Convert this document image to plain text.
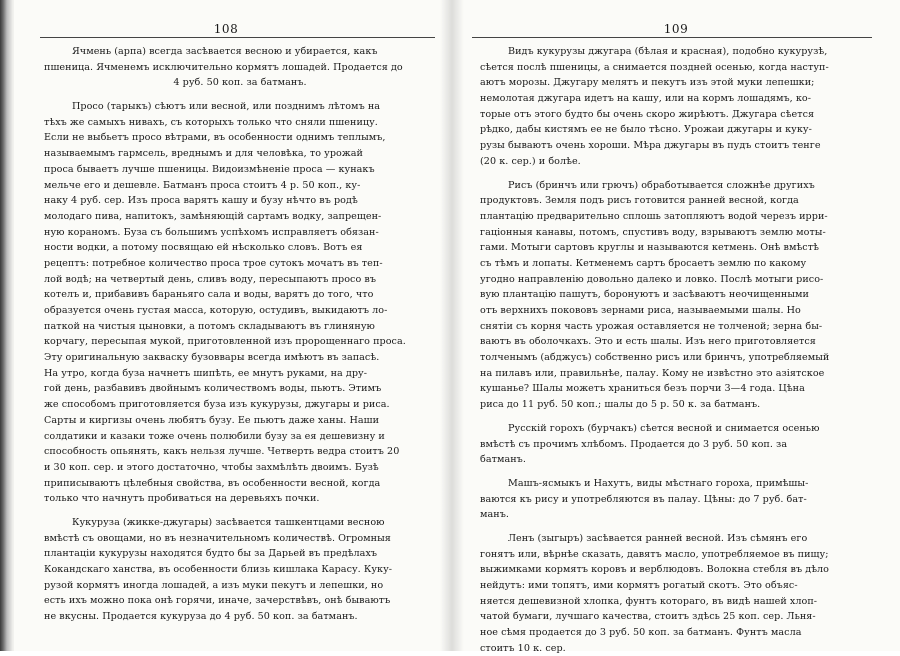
108
Ячмень (арпа) всегда засѣвается весною и убирается, какъ
пшеница. Ячменемъ исключительно кормятъ лошадей. Продается до
4 руб. 50 коп. за батманъ.
Просо (тарыкъ) сѣютъ или весной, или позднимъ лѣтомъ на
тѣхъ же самыхъ нивахъ, съ которыхъ только что сняли пшеницу.
Если не выбьетъ просо вѣтрами, въ особенности однимъ теплымъ,
называемымъ гармсель, вреднымъ и для человѣка, то урожай
проса бываетъ лучше пшеницы. Видоизмѣненіе проса — кунакъ
мельче его и дешевле. Батманъ проса стоитъ 4 р. 50 коп., ку-
наку 4 руб. сер. Изъ проса варятъ кашу и бузу нѣчто въ родѣ
молодаго пива, напитокъ, замѣняющій сартамъ водку, запрещен-
ную кораномъ. Буза съ большимъ успѣхомъ исправляетъ обязан-
ности водки, а потому посвящаю ей нѣсколько словъ. Вотъ ея
рецептъ: потребное количество проса трое сутокъ мочатъ въ теп-
лой водѣ; на четвертый день, сливъ воду, пересыпаютъ просо въ
котелъ и, прибавивъ бараньяго сала и воды, варятъ до того, что
образуется очень густая масса, которую, остудивъ, выкидаютъ ло-
паткой на чистыя цыновки, а потомъ складываютъ въ глиняную
корчагу, пересыпая мукой, приготовленной изъ пророщеннаго проса.
Эту оригинальную закваску бузоввары всегда имѣютъ въ запасѣ.
На утро, когда буза начнетъ шипѣть, ее мнутъ руками, на дру-
гой день, разбавивъ двойнымъ количествомъ воды, пьютъ. Этимъ
же способомъ приготовляется буза изъ кукурузы, джугары и риса.
Сарты и киргизы очень любятъ бузу. Ее пьютъ даже ханы. Наши
солдатики и казаки тоже очень полюбили бузу за ея дешевизну и
способность опьянять, какъ нельзя лучше. Четверть ведра стоитъ 20
и 30 коп. сер. и этого достаточно, чтобы захмѣлѣть двоимъ. Бузѣ
приписываютъ цѣлебныя свойства, въ особенности весной, когда
только что начнутъ пробиваться на деревьяхъ почки.
Кукуруза (жикке-джугары) засѣвается ташкентцами весною
вмѣстѣ съ овощами, но въ незначительномъ количествѣ. Огромныя
плантаціи кукурузы находятся будто бы за Дарьей въ предѣлахъ
Кокандскаго ханства, въ особенности близь кишлака Карасу. Куку-
рузой кормятъ иногда лошадей, а изъ муки пекутъ и лепешки, но
есть ихъ можно пока онѣ горячи, иначе, зачерствѣвъ, онѣ бываютъ
не вкусны. Продается кукуруза до 4 руб. 50 коп. за батманъ.
109
Видъ кукурузы джугара (бѣлая и красная), подобно кукурузѣ,
сѣется послѣ пшеницы, а снимается поздней осенью, когда наступ-
аютъ морозы. Джугару мелятъ и пекутъ изъ этой муки лепешки;
немолотая джугара идетъ на кашу, или на кормъ лошадямъ, ко-
торые отъ этого будто бы очень скоро жирѣютъ. Джугара сѣется
рѣдко, дабы кистямъ ее не было тѣсно. Урожаи джугары и куку-
рузы бываютъ очень хороши. Мѣра джугары въ пудъ стоитъ тенге
(20 к. сер.) и болѣе.
Рисъ (бринчъ или грючъ) обработывается сложнѣе другихъ
продуктовъ. Земля подъ рисъ готовится ранней весной, когда
плантацію предварительно сплошь затопляютъ водой черезъ ирри-
гаціонныя канавы, потомъ, спустивъ воду, взрываютъ землю моты-
гами. Мотыги сартовъ круглы и называются кетмень. Онѣ вмѣстѣ
съ тѣмъ и лопаты. Кетменемъ сартъ бросаетъ землю по какому
угодно направленію довольно далеко и ловко. Послѣ мотыги рисо-
вую плантацію пашутъ, боронуютъ и засѣваютъ неочищенными
отъ верхнихъ покововъ зернами риса, называемыми шалы. Но
снятіи съ корня часть урожая оставляется не толченой; зерна бы-
ваютъ въ оболочкахъ. Это и есть шалы. Изъ него приготовляется
толченымъ (абджусъ) собственно рисъ или бринчъ, употребляемый
на пилавъ или, правильнѣе, палау. Кому не извѣстно это азіятское
кушанье? Шалы можетъ храниться безъ порчи 3—4 года. Цѣна
риса до 11 руб. 50 коп.; шалы до 5 р. 50 к. за батманъ.
Русскій горохъ (бурчакъ) сѣется весной и снимается осенью
вмѣстѣ съ прочимъ хлѣбомъ. Продается до 3 руб. 50 коп. за
батманъ.
Машъ-ясмыкъ и Нахутъ, виды мѣстнаго гороха, примѣшы-
ваются къ рису и употребляются въ палау. Цѣны: до 7 руб. бат-
манъ.
Ленъ (зыгыръ) засѣвается ранней весной. Изъ сѣмянъ его
гонятъ или, вѣрнѣе сказать, давятъ масло, употребляемое въ пищу;
выжимками кормятъ коровъ и верблюдовъ. Волокна стебля въ дѣло
нейдутъ: ими топятъ, ими кормятъ рогатый скотъ. Это объяс-
няется дешевизной хлопка, фунтъ котораго, въ видѣ нашей хлоп-
чатой бумаги, лучшаго качества, стоитъ здѣсь 25 коп. сер. Льня-
ное сѣмя продается до 3 руб. 50 коп. за батманъ. Фунтъ масла
стоитъ 10 к. сер.
